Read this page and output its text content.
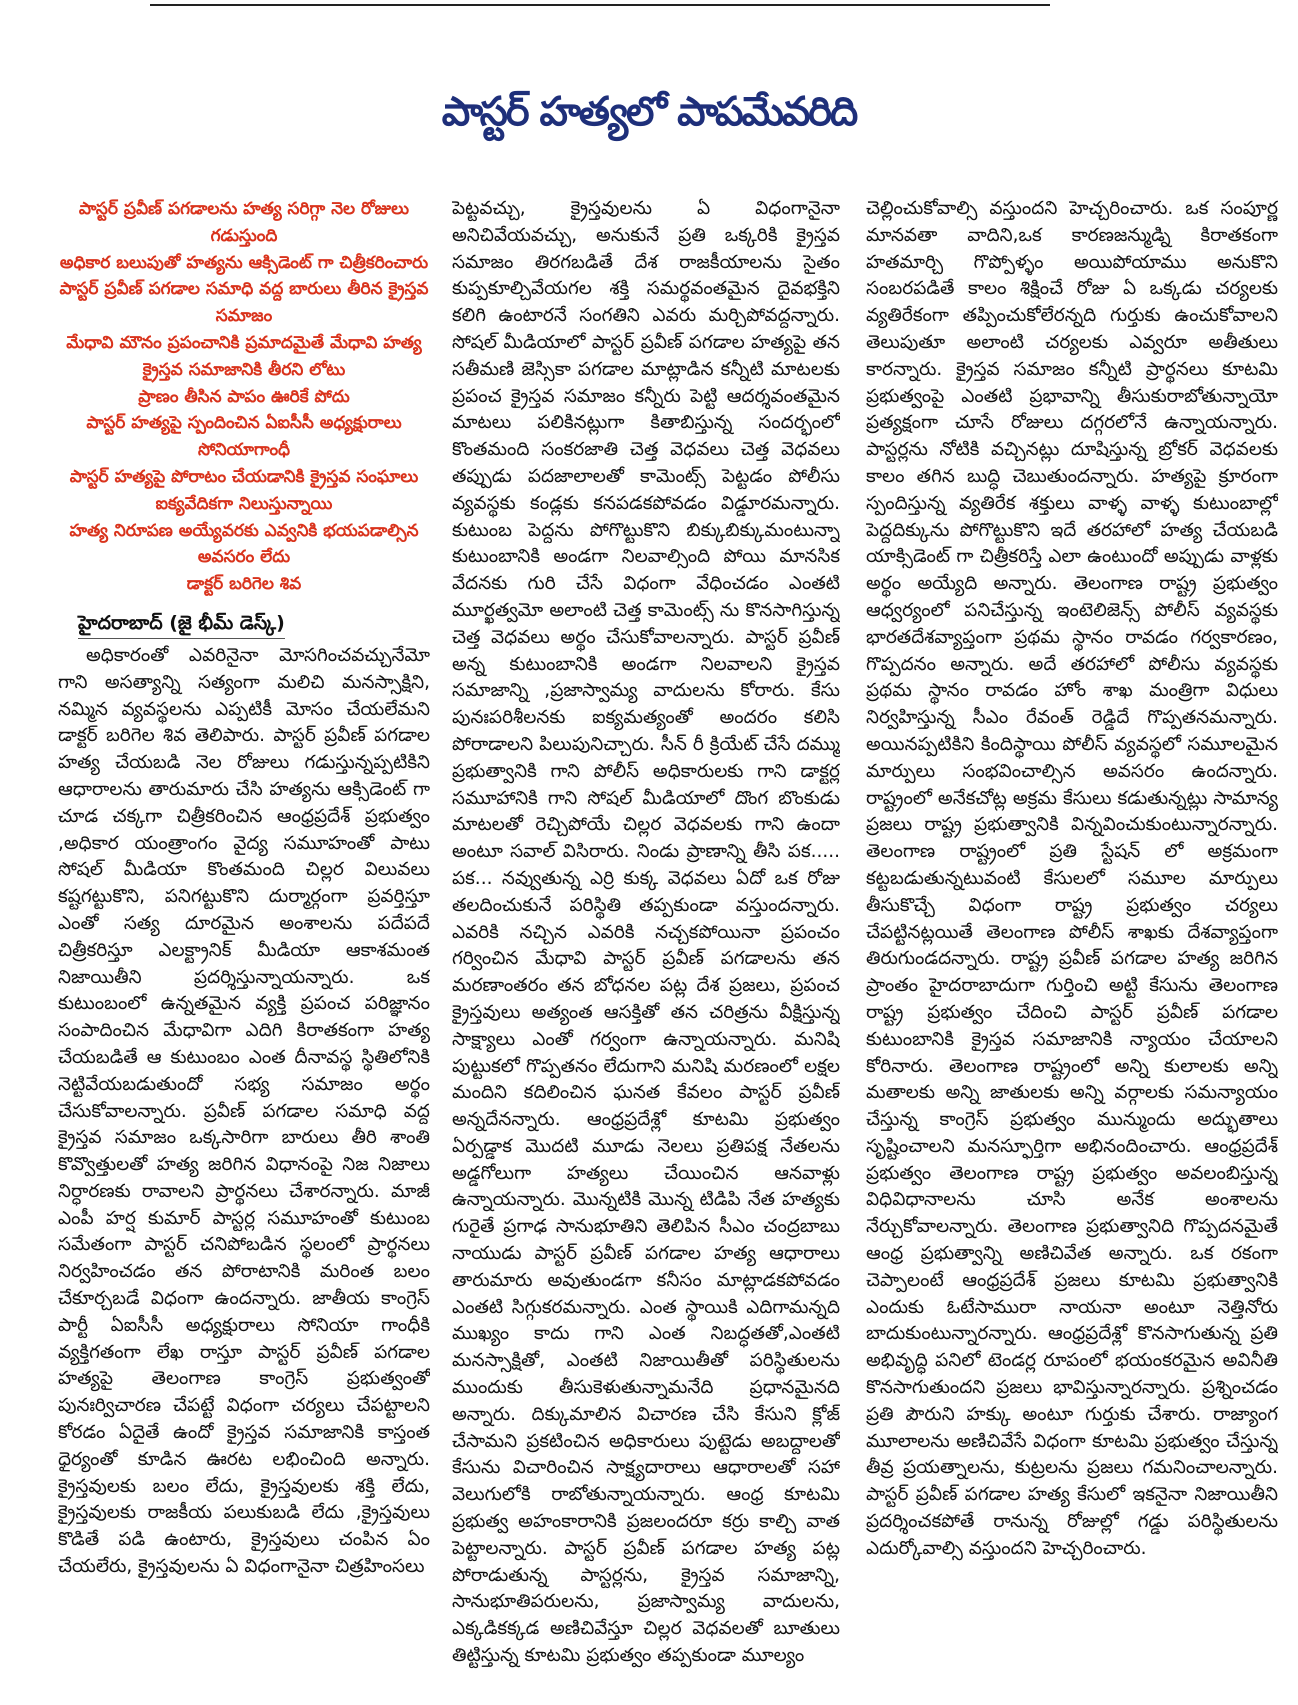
పాస్టర్ హత్యలో పాపమేవరిది
పాస్టర్ ప్రవీణ్ పగడాలను హత్య సరిగ్గా నెల రోజులు గడుస్తుంది
అధికార బలుపుతో హత్యను ఆక్సిడెంట్ గా చిత్రీకరించారు
పాస్టర్ ప్రవీణ్ పగడాల సమాధి వద్ద బారులు తీరిన క్రైస్తవ సమాజం
మేధావి మౌనం ప్రపంచానికి ప్రమాదమైతే మేధావి హత్య క్రైస్తవ సమాజానికి తీరని లోటు
ప్రాణం తీసిన పాపం ఊరికే పోదు
పాస్టర్ హత్యపై స్పందించిన ఏఐసీసీ అధ్యక్షురాలు సోనియాగాంధీ
పాస్టర్ హత్యపై పోరాటం చేయడానికి క్రైస్తవ సంఘాలు ఐక్యవేదికగా నిలుస్తున్నాయి
హత్య నిరూపణ అయ్యేవరకు ఎవ్వనికి భయపడాల్సిన అవసరం లేదు
డాక్టర్ బరిగెల శివ
హైదరాబాద్ (జై భీమ్ డెస్క్)

అధికారంతో ఎవరినైనా మోసగించవచ్చునేమో గాని అసత్యాన్ని సత్యంగా మలిచి మనస్సాక్షిని, నమ్మిన వ్యవస్థలను ఎప్పటికీ మోసం చేయలేమని డాక్టర్ బరిగెల శివ తెలిపారు. పాస్టర్ ప్రవీణ్ పగడాల హత్య చేయబడి నెల రోజులు గడుస్తున్నప్పటికిని ఆధారాలను తారుమారు చేసి హత్యను ఆక్సిడెంట్ గా చూడ చక్కగా చిత్రీకరించిన ఆంధ్రప్రదేశ్ ప్రభుత్వం ,అధికార యంత్రాంగం వైద్య సమూహంతో పాటు సోషల్ మీడియా కొంతమంది చిల్లర విలువలు కష్టగట్టుకొని, పనిగట్టుకొని దుర్మార్గంగా ప్రవర్తిస్తూ ఎంతో సత్య దూరమైన అంశాలను పదేపదే చిత్రీకరిస్తూ ఎలక్ట్రానిక్ మీడియా ఆకాశమంత నిజాయితీని ప్రదర్శిస్తున్నాయన్నారు. ఒక కుటుంబంలో ఉన్నతమైన వ్యక్తి ప్రపంచ పరిజ్ఞానం సంపాదించిన మేధావిగా ఎదిగి కిరాతకంగా హత్య చేయబడితే ఆ కుటుంబం ఎంత దీనావస్థ స్థితిలోనికి నెట్టివేయబడుతుందో సభ్య సమాజం అర్థం చేసుకోవాలన్నారు. ప్రవీణ్ పగడాల సమాధి వద్ద క్రైస్తవ సమాజం ఒక్కసారిగా బారులు తీరి శాంతి కొవ్వొత్తులతో హత్య జరిగిన విధానంపై నిజ నిజాలు నిర్ధారణకు రావాలని ప్రార్థనలు చేశారన్నారు. మాజీ ఎంపీ హర్ష కుమార్ పాస్టర్ల సమూహంతో కుటుంబ సమేతంగా పాస్టర్ చనిపోబడిన స్థలంలో ప్రార్థనలు నిర్వహించడం తన పోరాటానికి మరింత బలం చేకూర్చబడే విధంగా ఉందన్నారు. జాతీయ కాంగ్రెస్ పార్టీ ఏఐసీసీ అధ్యక్షురాలు సోనియా గాంధీకి వ్యక్తిగతంగా లేఖ రాస్తూ పాస్టర్ ప్రవీణ్ పగడాల హత్యపై తెలంగాణ కాంగ్రెస్ ప్రభుత్వంతో పునఃర్విచారణ చేపట్టే విధంగా చర్యలు చేపట్టాలని కోరడం ఏదైతే ఉందో క్రైస్తవ సమాజానికి కాస్తంత ధైర్యంతో కూడిన ఊరట లభించింది అన్నారు. క్రైస్తవులకు బలం లేదు, క్రైస్తవులకు శక్తి లేదు, క్రైస్తవులకు రాజకీయ పలుకుబడి లేదు ,క్రైస్తవులు కొడితే పడి ఉంటారు, క్రైస్తవులు చంపిన ఏం చేయలేరు, క్రైస్తవులను ఏ విధంగానైనా చిత్రహింసలు

పెట్టవచ్చు, క్రైస్తవులను ఏ విధంగానైనా అనిచివేయవచ్చు, అనుకునే ప్రతి ఒక్కరికి క్రైస్తవ సమాజం తిరగబడితే దేశ రాజకీయాలను సైతం కుప్పకూల్చివేయగల శక్తి సమర్థవంతమైన దైవభక్తిని కలిగి ఉంటారనే సంగతిని ఎవరు మర్చిపోవద్దన్నారు. సోషల్ మీడియాలో పాస్టర్ ప్రవీణ్ పగడాల హత్యపై తన సతీమణి జెస్సికా పగడాల మాట్లాడిన కన్నీటి మాటలకు ప్రపంచ క్రైస్తవ సమాజం కన్నీరు పెట్టి ఆదర్శవంతమైన మాటలు పలికినట్లుగా కితాబిస్తున్న సందర్భంలో కొంతమంది సంకరజాతి చెత్త వెధవలు చెత్త వెధవలు తప్పుడు పదజాలాలతో కామెంట్స్ పెట్టడం పోలీసు వ్యవస్థకు కండ్లకు కనపడకపోవడం విడ్డూరమన్నారు. కుటుంబ పెద్దను పోగొట్టుకొని బిక్కుబిక్కుమంటున్నా కుటుంబానికి అండగా నిలవాల్సింది పోయి మానసిక వేదనకు గురి చేసే విధంగా వేధించడం ఎంతటి మూర్ఖత్వమో అలాంటి చెత్త కామెంట్స్ ను కొనసాగిస్తున్న చెత్త వెధవలు అర్థం చేసుకోవాలన్నారు. పాస్టర్ ప్రవీణ్ అన్న కుటుంబానికి అండగా నిలవాలని క్రైస్తవ సమాజాన్ని ,ప్రజాస్వామ్య వాదులను కోరారు. కేసు పునఃపరిశీలనకు ఐక్యమత్యంతో అందరం కలిసి పోరాడాలని పిలుపునిచ్చారు. సీన్ రీ క్రియేట్ చేసే దమ్ము ప్రభుత్వానికి గాని పోలీస్ అధికారులకు గాని డాక్టర్ల సమూహానికి గాని సోషల్ మీడియాలో దొంగ బొంకుడు మాటలతో రెచ్చిపోయే చిల్లర వెధవలకు గాని ఉందా అంటూ సవాల్ విసిరారు. నిండు ప్రాణాన్ని తీసి పక..... పక... నవ్వుతున్న ఎర్రి కుక్క వెధవలు ఏదో ఒక రోజు తలదించుకునే పరిస్థితి తప్పకుండా వస్తుందన్నారు. ఎవరికి నచ్చిన ఎవరికి నచ్చకపోయినా ప్రపంచం గర్వించిన మేధావి పాస్టర్ ప్రవీణ్ పగడాలను తన మరణాంతరం తన బోధనల పట్ల దేశ ప్రజలు, ప్రపంచ క్రైస్తవులు అత్యంత ఆసక్తితో తన చరిత్రను వీక్షిస్తున్న సాక్ష్యాలు ఎంతో గర్వంగా ఉన్నాయన్నారు. మనిషి పుట్టుకలో గొప్పతనం లేదుగాని మనిషి మరణంలో లక్షల మందిని కదిలించిన ఘనత కేవలం పాస్టర్ ప్రవీణ్ అన్నదేనన్నారు. ఆంధ్రప్రదేశ్లో కూటమి ప్రభుత్వం ఏర్పడ్డాక మొదటి మూడు నెలలు ప్రతిపక్ష నేతలను అడ్డగోలుగా హత్యలు చేయించిన ఆనవాళ్లు ఉన్నాయన్నారు. మొన్నటికి మొన్న టిడిపి నేత హత్యకు గురైతే ప్రగాఢ సానుభూతిని తెలిపిన సీఎం చంద్రబాబు నాయుడు పాస్టర్ ప్రవీణ్ పగడాల హత్య ఆధారాలు తారుమారు అవుతుండగా కనీసం మాట్లాడకపోవడం ఎంతటి సిగ్గుకరమన్నారు. ఎంత స్థాయికి ఎదిగామన్నది ముఖ్యం కాదు గాని ఎంత నిబద్ధతతో,ఎంతటి మనస్సాక్షితో, ఎంతటి నిజాయితీతో పరిస్థితులను ముందుకు తీసుకెళుతున్నామనేది ప్రధానమైనది అన్నారు. దిక్కుమాలిన విచారణ చేసి కేసుని క్లోజ్ చేసామని ప్రకటించిన అధికారులు పుట్టెడు అబద్దాలతో కేసును విచారించిన సాక్ష్యదారాలు ఆధారాలతో సహా వెలుగులోకి రాబోతున్నాయన్నారు. ఆంధ్ర కూటమి ప్రభుత్వ అహంకారానికి ప్రజలందరూ కర్రు కాల్చి వాత పెట్టాలన్నారు. పాస్టర్ ప్రవీణ్ పగడాల హత్య పట్ల పోరాడుతున్న పాస్టర్లను, క్రైస్తవ సమాజాన్ని, సానుభూతిపరులను, ప్రజాస్వామ్య వాదులను, ఎక్కడికక్కడ అణిచివేస్తూ చిల్లర వెధవలతో బూతులు తిట్టిస్తున్న కూటమి ప్రభుత్వం తప్పకుండా మూల్యం

చెల్లించుకోవాల్సి వస్తుందని హెచ్చరించారు. ఒక సంపూర్ణ మానవతా వాదిని,ఒక కారణజన్ముడ్ని కిరాతకంగా హతమార్చి గొప్పోళ్ళం అయిపోయాము అనుకొని సంబరపడితే కాలం శిక్షించే రోజు ఏ ఒక్కడు చర్యలకు వ్యతిరేకంగా తప్పించుకోలేరన్నది గుర్తుకు ఉంచుకోవాలని తెలుపుతూ అలాంటి చర్యలకు ఎవ్వరూ అతీతులు కారన్నారు. క్రైస్తవ సమాజం కన్నీటి ప్రార్థనలు కూటమి ప్రభుత్వంపై ఎంతటి ప్రభావాన్ని తీసుకురాబోతున్నాయో ప్రత్యక్షంగా చూసే రోజులు దగ్గరలోనే ఉన్నాయన్నారు. పాస్టర్లను నోటికి వచ్చినట్లు దూషిస్తున్న బ్రోకర్ వెధవలకు కాలం తగిన బుద్ధి చెబుతుందన్నారు. హత్యపై క్రూరంగా స్పందిస్తున్న వ్యతిరేక శక్తులు వాళ్ళ వాళ్ళ కుటుంబాల్లో పెద్దదిక్కును పోగొట్టుకొని ఇదే తరహాలో హత్య చేయబడి యాక్సిడెంట్ గా చిత్రీకరిస్తే ఎలా ఉంటుందో అప్పుడు వాళ్లకు అర్థం అయ్యేది అన్నారు. తెలంగాణ రాష్ట్ర ప్రభుత్వం ఆధ్వర్యంలో పనిచేస్తున్న ఇంటెలిజెన్స్ పోలీస్ వ్యవస్థకు భారతదేశవ్యాప్తంగా ప్రథమ స్థానం రావడం గర్వకారణం, గొప్పదనం అన్నారు. అదే తరహాలో పోలీసు వ్యవస్థకు ప్రథమ స్థానం రావడం హోం శాఖ మంత్రిగా విధులు నిర్వహిస్తున్న సీఎం రేవంత్ రెడ్డిదే గొప్పతనమన్నారు. అయినప్పటికిని కిందిస్థాయి పోలీస్ వ్యవస్థలో సమూలమైన మార్పులు సంభవించాల్సిన అవసరం ఉందన్నారు. రాష్ట్రంలో అనేకచోట్ల అక్రమ కేసులు కడుతున్నట్లు సామాన్య ప్రజలు రాష్ట్ర ప్రభుత్వానికి విన్నవించుకుంటున్నారన్నారు. తెలంగాణ రాష్ట్రంలో ప్రతి స్టేషన్ లో అక్రమంగా కట్టబడుతున్నటువంటి కేసులలో సమూల మార్పులు తీసుకొచ్చే విధంగా రాష్ట్ర ప్రభుత్వం చర్యలు చేపట్టినట్లయితే తెలంగాణ పోలీస్ శాఖకు దేశవ్యాప్తంగా తిరుగుండదన్నారు. రాష్ట్ర ప్రవీణ్ పగడాల హత్య జరిగిన ప్రాంతం హైదరాబాదుగా గుర్తించి అట్టి కేసును తెలంగాణ రాష్ట్ర ప్రభుత్వం చేదించి పాస్టర్ ప్రవీణ్ పగడాల కుటుంబానికి క్రైస్తవ సమాజానికి న్యాయం చేయాలని కోరినారు. తెలంగాణ రాష్ట్రంలో అన్ని కులాలకు అన్ని మతాలకు అన్ని జాతులకు అన్ని వర్గాలకు సమన్యాయం చేస్తున్న కాంగ్రెస్ ప్రభుత్వం మున్ముందు అద్భుతాలు సృష్టించాలని మనస్ఫూర్తిగా అభినందించారు. ఆంధ్రప్రదేశ్ ప్రభుత్వం తెలంగాణ రాష్ట్ర ప్రభుత్వం అవలంబిస్తున్న విధివిధానాలను చూసి అనేక అంశాలను నేర్చుకోవాలన్నారు. తెలంగాణ ప్రభుత్వానిది గొప్పదనమైతే ఆంధ్ర ప్రభుత్వాన్ని అణిచివేత అన్నారు. ఒక రకంగా చెప్పాలంటే ఆంధ్రప్రదేశ్ ప్రజలు కూటమి ప్రభుత్వానికి ఎందుకు ఓటేసామురా నాయనా అంటూ నెత్తినోరు బాదుకుంటున్నారన్నారు. ఆంధ్రప్రదేశ్లో కొనసాగుతున్న ప్రతి అభివృద్ధి పనిలో టెండర్ల రూపంలో భయంకరమైన అవినీతి కొనసాగుతుందని ప్రజలు భావిస్తున్నారన్నారు. ప్రశ్నించడం ప్రతి పౌరుని హక్కు అంటూ గుర్తుకు చేశారు. రాజ్యాంగ మూలాలను అణిచివేసే విధంగా కూటమి ప్రభుత్వం చేస్తున్న తీవ్ర ప్రయత్నాలను, కుట్రలను ప్రజలు గమనించాలన్నారు. పాస్టర్ ప్రవీణ్ పగడాల హత్య కేసులో ఇకనైనా నిజాయితీని ప్రదర్శించకపోతే రానున్న రోజుల్లో గడ్డు పరిస్థితులను ఎదుర్కోవాల్సి వస్తుందని హెచ్చరించారు.
